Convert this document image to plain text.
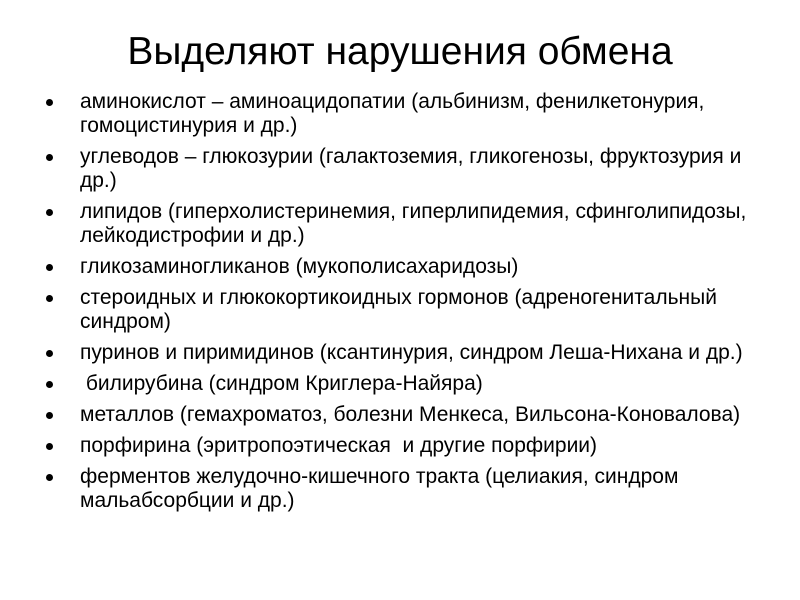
Выделяют нарушения обмена
аминокислот – аминоацидопатии (альбинизм, фенилкетонурия, гомоцистинурия и др.)
углеводов – глюкозурии (галактоземия, гликогенозы, фруктозурия и др.)
липидов (гиперхолистеринемия, гиперлипидемия, сфинголипидозы, лейкодистрофии и др.)
гликозаминогликанов (мукополисахаридозы)
стероидных и глюкокортикоидных гормонов (адреногенитальный синдром)
пуринов и пиримидинов (ксантинурия, синдром Леша-Нихана и др.)
билирубина (синдром Криглера-Найяра)
металлов (гемахроматоз, болезни Менкеса, Вильсона-Коновалова)
порфирина (эритропоэтическая  и другие порфирии)
ферментов желудочно-кишечного тракта (целиакия, синдром мальабсорбции и др.)
